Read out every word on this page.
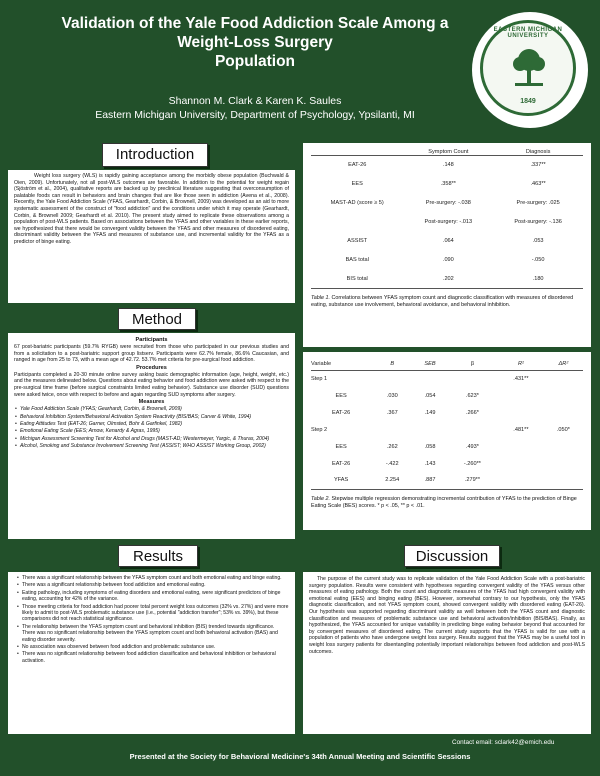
Validation of the Yale Food Addiction Scale Among a
Weight-Loss Surgery
Population
Shannon M. Clark & Karen K. Saules
Eastern Michigan University, Department of Psychology, Ypsilanti, MI
EASTERN MICHIGAN UNIVERSITY
1849
Introduction

Weight loss surgery (WLS) is rapidly gaining acceptance among the morbidly obese population (Buchwald & Oien, 2009). Unfortunately, not all post-WLS outcomes are favorable. In addition to the potential for weight regain (Sjöström et al., 2004), qualitative reports are backed up by preclinical literature suggesting that overconsumption of palatable foods can result in behaviors and brain changes that are like those seen in addiction (Avena et al., 2008). Recently, the Yale Food Addiction Scale (YFAS, Gearhardt, Corbin, & Brownell, 2009) was developed as an aid to more systematic assessment of the construct of "food addiction" and the conditions under which it may operate (Gearhardt, Corbin, & Brownell 2009; Gearhardt et al. 2010). The present study aimed to replicate these observations among a population of post-WLS patients. Based on associations between the YFAS and other variables in these earlier reports, we hypothesized that there would be convergent validity between the YFAS and other measures of disordered eating, discriminant validity between the YFAS and measures of substance use, and incremental validity for the YFAS as a predictor of binge eating.

Method
Participants

67 post-bariatric participants (59.7% RYGB) were recruited from those who participated in our previous studies and from a solicitation to a post-bariatric support group listserv. Participants were 62.7% female, 86.6% Caucasian, and ranged in age from 25 to 73, with a mean age of 42.72. 53.7% met criteria for pre-surgical food addiction.

Procedures

Participants completed a 20-30 minute online survey asking basic demographic information (age, height, weight, etc.) and the measures delineated below. Questions about eating behavior and food addiction were asked with respect to the pre-surgical time frame (before surgical constraints limited eating behavior). Substance use disorder (SUD) questions were asked twice, once with respect to before and again regarding SUD symptoms after surgery.

Measures
• Yale Food Addiction Scale (YFAS; Gearhardt, Corbin, & Brownell, 2009)
• Behavioral Inhibition System/Behavioral Activation System Reactivity (BIS/BAS; Carver & White, 1994)
• Eating Attitudes Test (EAT-26; Garner, Olmsted, Bohr & Garfinkel, 1982)
• Emotional Eating Scale (EES; Arnow, Kenardy & Agras, 1995)
• Michigan Assessment Screening Test for Alcohol and Drugs (MAST-AD; Westermeyer, Yargic, & Thuras, 2004)
• Alcohol, Smoking and Substance Involvement Screening Test (ASSIST; WHO ASSIST Working Group, 2002)
Results
• There was a significant relationship between the YFAS symptom count and both emotional eating and binge eating.
• There was a significant relationship between food addiction and emotional eating.
• Eating pathology, including symptoms of eating disorders and emotional eating, were significant predictors of binge eating, accounting for 42% of the variance.
• Those meeting criteria for food addiction had poorer total percent weight loss outcomes (32% vs. 27%) and were more likely to admit to post-WLS problematic substance use (i.e., potential "addiction transfer"; 53% vs. 39%), but these comparisons did not reach statistical significance.
• The relationship between the YFAS symptom count and behavioral inhibition (BIS) trended towards significance. There was no significant relationship between the YFAS symptom count and both behavioral activation (BAS) and eating disorder severity.
• No association was observed between food addiction and problematic substance use.
• There was no significant relationship between food addiction classification and behavioral inhibition or behavioral activation.
	Symptom Count	Diagnosis
EAT-26	.148	.337**
EES	.358**	.463**
MAST-AD (score ≥ 5)	Pre-surgery: -.038	Pre-surgery: .025
	Post-surgery: -.013	Post-surgery: -.136
ASSIST	.064	.053
BAS total	.090	-.050
BIS total	.202	.180
Table 1. Correlations between YFAS symptom count and diagnostic classification with measures of disordered eating, substance use involvement, behavioral avoidance, and behavioral inhibition.
Variable	B	SEB	β	R²	ΔR²
Step 1				.431**	
EES	.030	.054	.623*		
EAT-26	.367	.149	.266*		
Step 2				.481**	.050*
EES	.262	.058	.493*		
EAT-26	-.422	.143	-.260**		
YFAS	2.254	.887	.279**		
Table 2. Stepwise multiple regression demonstrating incremental contribution of YFAS to the prediction of Binge Eating Scale (BES) scores. * p < .05, ** p < .01.
Discussion

The purpose of the current study was to replicate validation of the Yale Food Addiction Scale with a post-bariatric surgery population. Results were consistent with hypotheses regarding convergent validity of the YFAS versus other measures of eating pathology. Both the count and diagnostic measures of the YFAS had high convergent validity with emotional eating (EES) and binging eating (BES). However, somewhat contrary to our hypothesis, only the YFAS diagnostic classification, and not YFAS symptom count, showed convergent validity with disordered eating (EAT-26). Our hypothesis was supported regarding discriminant validity as well between both the YFAS count and diagnostic classification and measures of problematic substance use and behavioral activation/inhibition (BIS/BAS). Finally, as hypothesized, the YFAS accounted for unique variability in predicting binge eating behavior beyond that accounted for by convergent measures of disordered eating. The current study supports that the YFAS is valid for use with a population of patients who have undergone weight loss surgery. Results suggest that the YFAS may be a useful tool in weight loss surgery patients for disentangling potentially important relationships between food addiction and post-WLS outcomes.

Contact email: sclark42@emich.edu
Presented at the Society for Behavioral Medicine's 34th Annual Meeting and Scientific Sessions
